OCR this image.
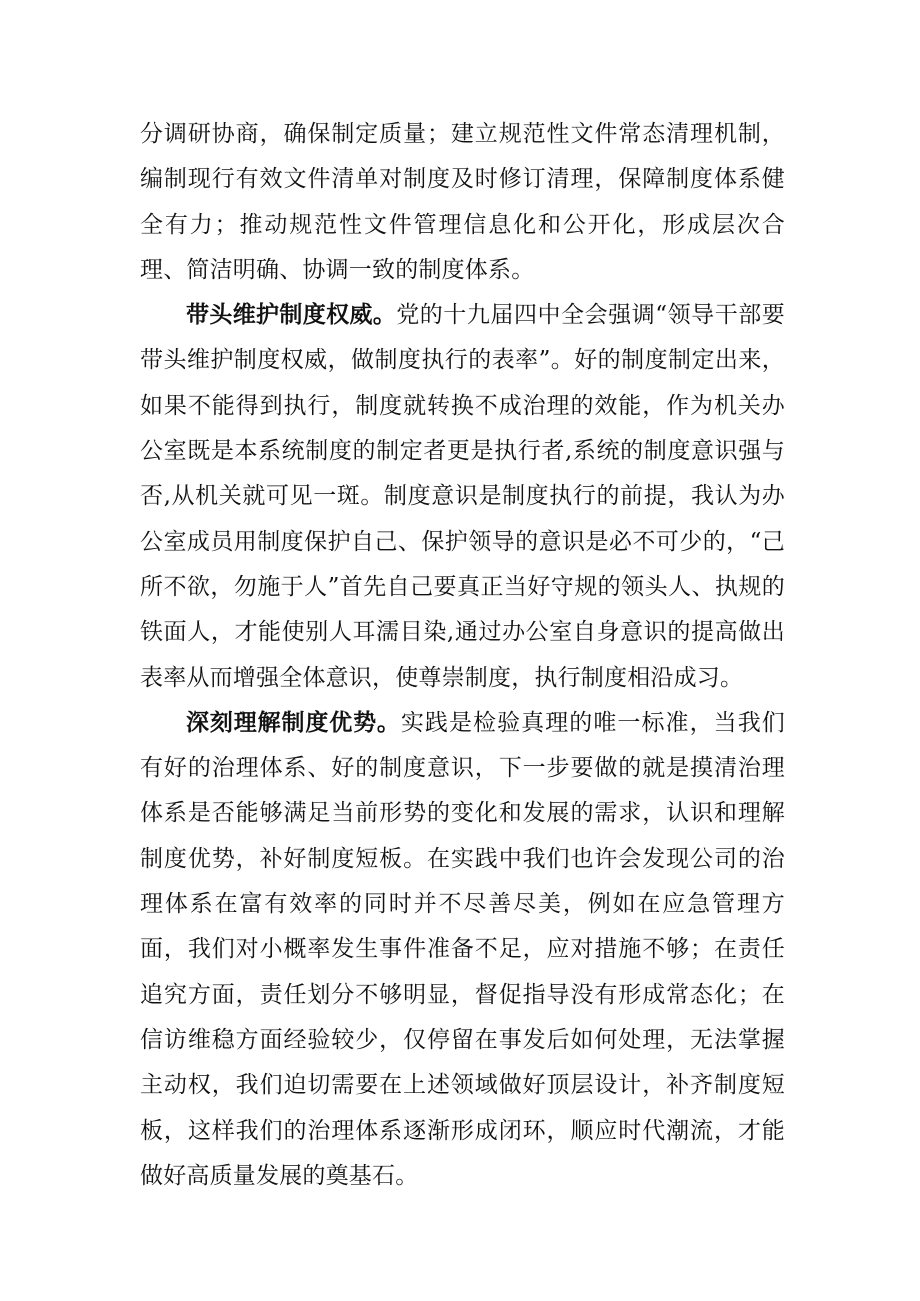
分调研协商，确保制定质量；建立规范性文件常态清理机制，编制现行有效文件清单对制度及时修订清理，保障制度体系健全有力；推动规范性文件管理信息化和公开化，形成层次合理、简洁明确、协调一致的制度体系。

带头维护制度权威。党的十九届四中全会强调“领导干部要带头维护制度权威，做制度执行的表率”。好的制度制定出来，如果不能得到执行，制度就转换不成治理的效能，作为机关办公室既是本系统制度的制定者更是执行者,系统的制度意识强与否,从机关就可见一斑。制度意识是制度执行的前提，我认为办公室成员用制度保护自己、保护领导的意识是必不可少的，“己所不欲，勿施于人”首先自己要真正当好守规的领头人、执规的铁面人，才能使别人耳濡目染,通过办公室自身意识的提高做出表率从而增强全体意识，使尊崇制度，执行制度相沿成习。

深刻理解制度优势。实践是检验真理的唯一标准，当我们有好的治理体系、好的制度意识，下一步要做的就是摸清治理体系是否能够满足当前形势的变化和发展的需求，认识和理解制度优势，补好制度短板。在实践中我们也许会发现公司的治理体系在富有效率的同时并不尽善尽美，例如在应急管理方面，我们对小概率发生事件准备不足，应对措施不够；在责任追究方面，责任划分不够明显，督促指导没有形成常态化；在信访维稳方面经验较少，仅停留在事发后如何处理，无法掌握主动权，我们迫切需要在上述领域做好顶层设计，补齐制度短板，这样我们的治理体系逐渐形成闭环，顺应时代潮流，才能做好高质量发展的奠基石。
